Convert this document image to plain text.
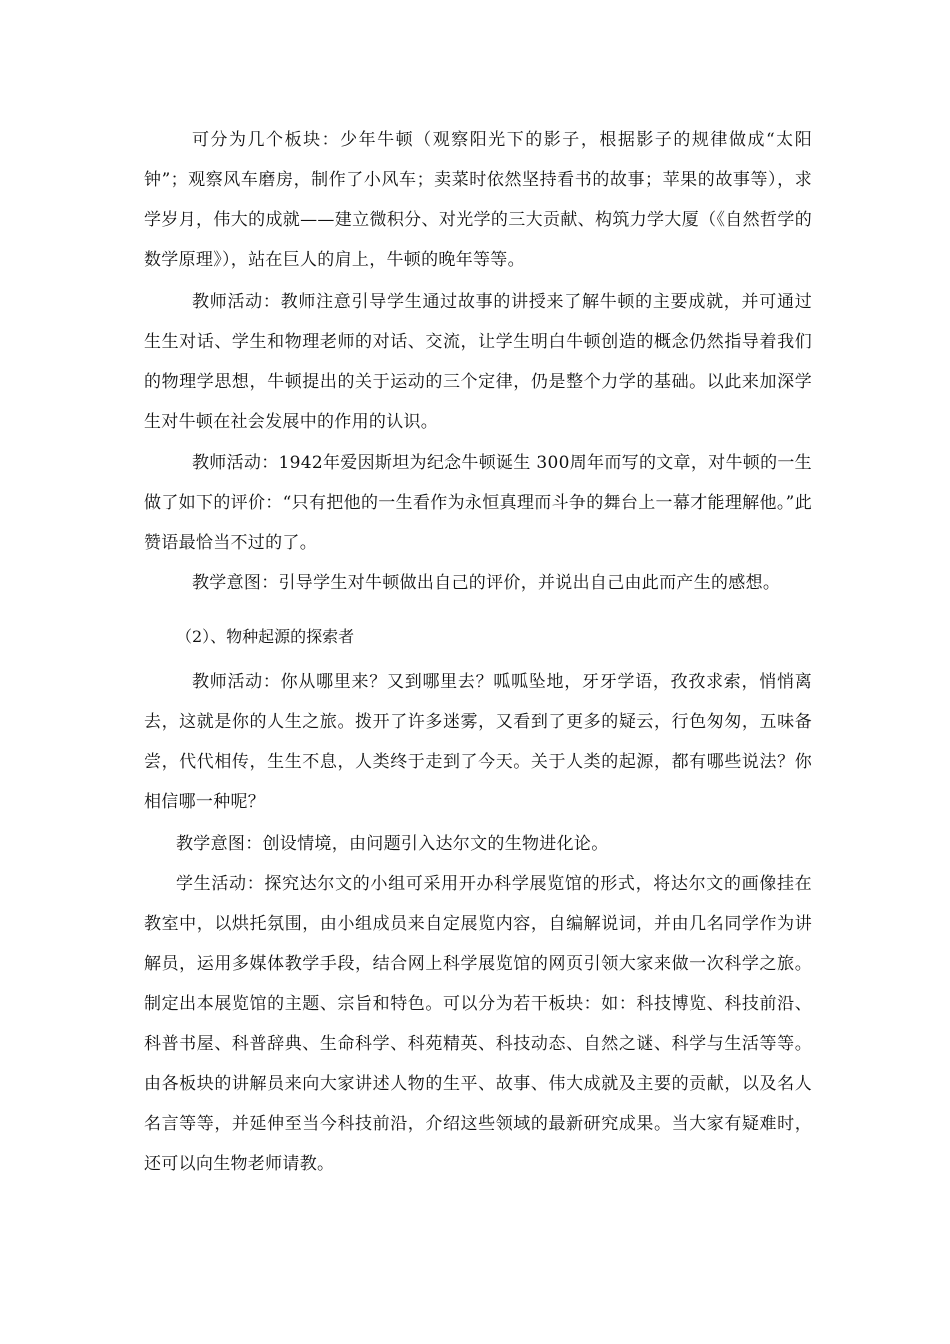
可分为几个板块：少年牛顿（观察阳光下的影子，根据影子的规律做成“太阳钟”；观察风车磨房，制作了小风车；卖菜时依然坚持看书的故事；苹果的故事等），求学岁月，伟大的成就——建立微积分、对光学的三大贡献、构筑力学大厦（《自然哲学的数学原理》），站在巨人的肩上，牛顿的晚年等等。

教师活动：教师注意引导学生通过故事的讲授来了解牛顿的主要成就，并可通过生生对话、学生和物理老师的对话、交流，让学生明白牛顿创造的概念仍然指导着我们的物理学思想，牛顿提出的关于运动的三个定律，仍是整个力学的基础。以此来加深学生对牛顿在社会发展中的作用的认识。

教师活动：1942年爱因斯坦为纪念牛顿诞生 300周年而写的文章，对牛顿的一生做了如下的评价：“只有把他的一生看作为永恒真理而斗争的舞台上一幕才能理解他。”此赞语最恰当不过的了。

教学意图：引导学生对牛顿做出自己的评价，并说出自己由此而产生的感想。

（2）、物种起源的探索者

教师活动：你从哪里来？又到哪里去？呱呱坠地，牙牙学语，孜孜求索，悄悄离去，这就是你的人生之旅。拨开了许多迷雾，又看到了更多的疑云，行色匆匆，五味备尝，代代相传，生生不息，人类终于走到了今天。关于人类的起源，都有哪些说法？你相信哪一种呢？

教学意图：创设情境，由问题引入达尔文的生物进化论。

学生活动：探究达尔文的小组可采用开办科学展览馆的形式，将达尔文的画像挂在教室中，以烘托氛围，由小组成员来自定展览内容，自编解说词，并由几名同学作为讲解员，运用多媒体教学手段，结合网上科学展览馆的网页引领大家来做一次科学之旅。制定出本展览馆的主题、宗旨和特色。可以分为若干板块：如：科技博览、科技前沿、科普书屋、科普辞典、生命科学、科苑精英、科技动态、自然之谜、科学与生活等等。由各板块的讲解员来向大家讲述人物的生平、故事、伟大成就及主要的贡献，以及名人名言等等，并延伸至当今科技前沿，介绍这些领域的最新研究成果。当大家有疑难时，还可以向生物老师请教。
